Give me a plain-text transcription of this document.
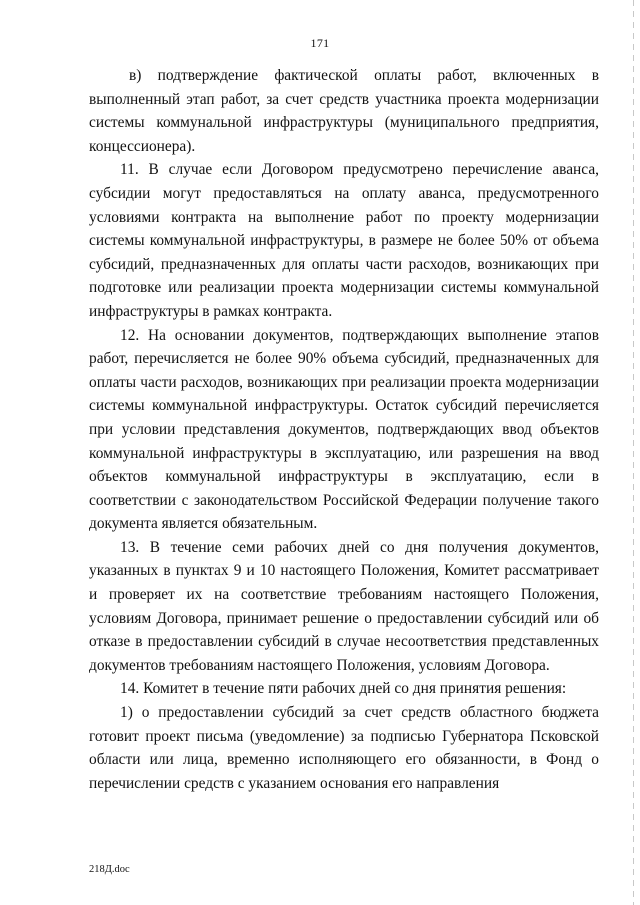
171

в) подтверждение фактической оплаты работ, включенных в выполненный этап работ, за счет средств участника проекта модернизации системы коммунальной инфраструктуры (муниципального предприятия, концессионера).

11. В случае если Договором предусмотрено перечисление аванса, субсидии могут предоставляться на оплату аванса, предусмотренного условиями контракта на выполнение работ по проекту модернизации системы коммунальной инфраструктуры, в размере не более 50% от объема субсидий, предназначенных для оплаты части расходов, возникающих при подготовке или реализации проекта модернизации системы коммунальной инфраструктуры в рамках контракта.

12. На основании документов, подтверждающих выполнение этапов работ, перечисляется не более 90% объема субсидий, предназначенных для оплаты части расходов, возникающих при реализации проекта модернизации системы коммунальной инфраструктуры. Остаток субсидий перечисляется при условии представления документов, подтверждающих ввод объектов коммунальной инфраструктуры в эксплуатацию, или разрешения на ввод объектов коммунальной инфраструктуры в эксплуатацию, если в соответствии с законодательством Российской Федерации получение такого документа является обязательным.

13. В течение семи рабочих дней со дня получения документов, указанных в пунктах 9 и 10 настоящего Положения, Комитет рассматривает и проверяет их на соответствие требованиям настоящего Положения, условиям Договора, принимает решение о предоставлении субсидий или об отказе в предоставлении субсидий в случае несоответствия представленных документов требованиям настоящего Положения, условиям Договора.

14. Комитет в течение пяти рабочих дней со дня принятия решения:

1) о предоставлении субсидий за счет средств областного бюджета готовит проект письма (уведомление) за подписью Губернатора Псковской области или лица, временно исполняющего его обязанности, в Фонд о перечислении средств с указанием основания его направления

218Д.doc
